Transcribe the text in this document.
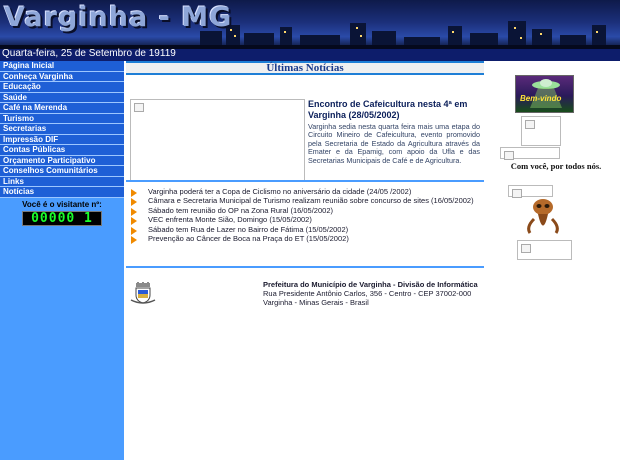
Varginha - MG
Quarta-feira, 25 de Setembro de 19119
Página Inicial
Conheça Varginha
Educação
Saúde
Café na Merenda
Turismo
Secretarias
Impressão DIF
Contas Públicas
Orçamento Participativo
Conselhos Comunitários
Links
Notícias
Você é o visitante nº:
00000 1
Últimas Notícias
Encontro de Cafeicultura nesta 4ª em Varginha (28/05/2002)
Varginha sedia nesta quarta feira mais uma etapa do Circuito Mineiro de Cafeicultura, evento promovido pela Secretaria de Estado da Agricultura através da Emater e da Epamig, com apoio da Ufla e das Secretarias Municipais de Café e de Agricultura.
Varginha poderá ter a Copa de Ciclismo no aniversário da cidade (24/05 /2002)
Câmara e Secretaria Municipal de Turismo realizam reunião sobre concurso de sites (16/05/2002)
Sábado tem reunião do OP na Zona Rural (16/05/2002)
VEC enfrenta Monte Sião, Domingo (15/05/2002)
Sábado tem Rua de Lazer no Bairro de Fátima (15/05/2002)
Prevenção ao Câncer de Boca na Praça do ET (15/05/2002)
Prefeitura do Município de Varginha - Divisão de Informática
Rua Presidente Antônio Carlos, 356 - Centro - CEP 37002-000
Varginha - Minas Gerais - Brasil
Bem-vindo
Com você, por todos nós.
